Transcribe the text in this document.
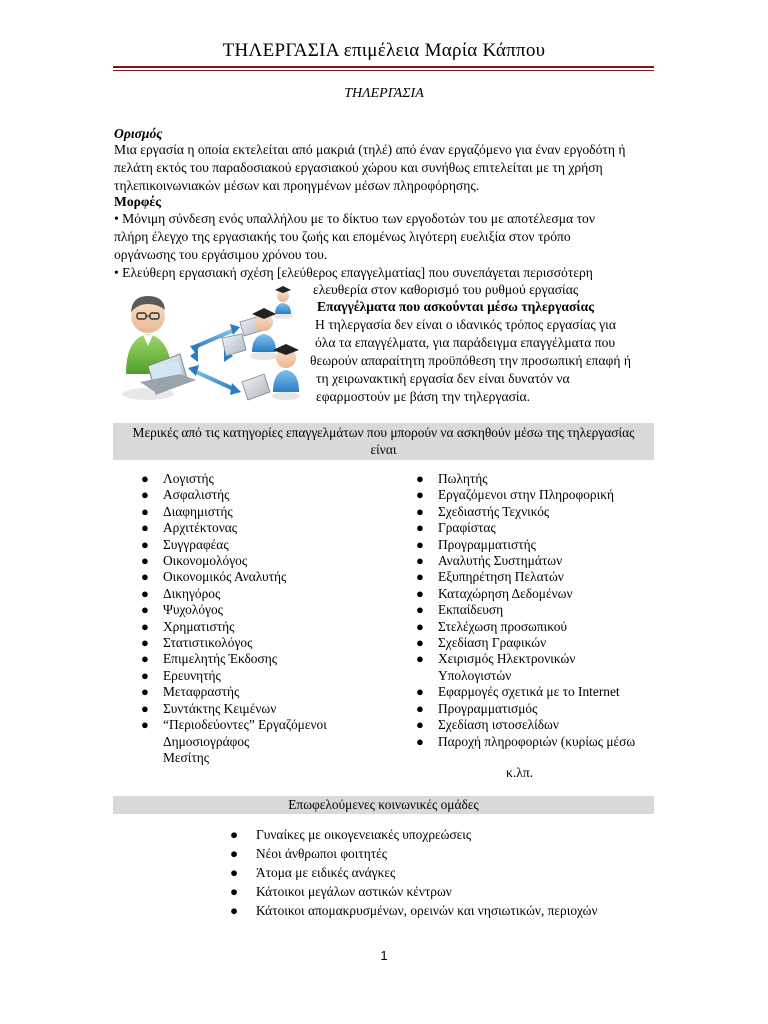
ΤΗΛΕΡΓΑΣΙΑ επιμέλεια Μαρία Κάππου
ΤΗΛΕΡΓΑΣΙΑ
Ορισμός
Μια εργασία η οποία εκτελείται από μακριά (τηλέ) από έναν εργαζόμενο για έναν εργοδότη ή
πελάτη εκτός του παραδοσιακού εργασιακού χώρου και συνήθως επιτελείται με τη χρήση
τηλεπικοινωνιακών μέσων και προηγμένων μέσων πληροφόρησης.
Μορφές
• Μόνιμη σύνδεση ενός υπαλλήλου με το δίκτυο των εργοδοτών του με αποτέλεσμα τον
πλήρη έλεγχο της εργασιακής του ζωής και επομένως λιγότερη ευελιξία στον τρόπο
οργάνωσης του εργάσιμου χρόνου του.
• Ελεύθερη εργασιακή σχέση [ελεύθερος επαγγελματίας] που συνεπάγεται περισσότερη
ελευθερία στον καθορισμό του ρυθμού εργασίας
Επαγγέλματα που ασκούνται μέσω τηλεργασίας
Η τηλεργασία δεν είναι ο ιδανικός τρόπος εργασίας για
όλα τα επαγγέλματα, για παράδειγμα επαγγέλματα που
θεωρούν απαραίτητη προϋπόθεση την προσωπική επαφή ή
τη χειρωνακτική εργασία δεν είναι δυνατόν να
εφαρμοστούν με βάση την τηλεργασία.
Μερικές από τις κατηγορίες επαγγελμάτων που μπορούν να ασκηθούν μέσω της τηλεργασίας
είναι
● Λογιστής
● Ασφαλιστής
● Διαφημιστής
● Αρχιτέκτονας
● Συγγραφέας
● Οικονομολόγος
● Οικονομικός Αναλυτής
● Δικηγόρος
● Ψυχολόγος
● Χρηματιστής
● Στατιστικολόγος
● Επιμελητής Έκδοσης
● Ερευνητής
● Μεταφραστής
● Συντάκτης Κειμένων
● “Περιοδεύοντες” Εργαζόμενοι
Δημοσιογράφος
Μεσίτης
● Πωλητής
● Εργαζόμενοι στην Πληροφορική
● Σχεδιαστής Τεχνικός
● Γραφίστας
● Προγραμματιστής
● Αναλυτής Συστημάτων
● Εξυπηρέτηση Πελατών
● Καταχώρηση Δεδομένων
● Εκπαίδευση
● Στελέχωση προσωπικού
● Σχεδίαση Γραφικών
● Χειρισμός Ηλεκτρονικών
Υπολογιστών
● Εφαρμογές σχετικά με το Internet
● Προγραμματισμός
● Σχεδίαση ιστοσελίδων
● Παροχή πληροφοριών (κυρίως μέσω
κ.λπ.
Επωφελούμενες κοινωνικές ομάδες
● Γυναίκες με οικογενειακές υποχρεώσεις
● Νέοι άνθρωποι φοιτητές
● Άτομα με ειδικές ανάγκες
● Κάτοικοι μεγάλων αστικών κέντρων
● Κάτοικοι απομακρυσμένων, ορεινών και νησιωτικών, περιοχών
1
